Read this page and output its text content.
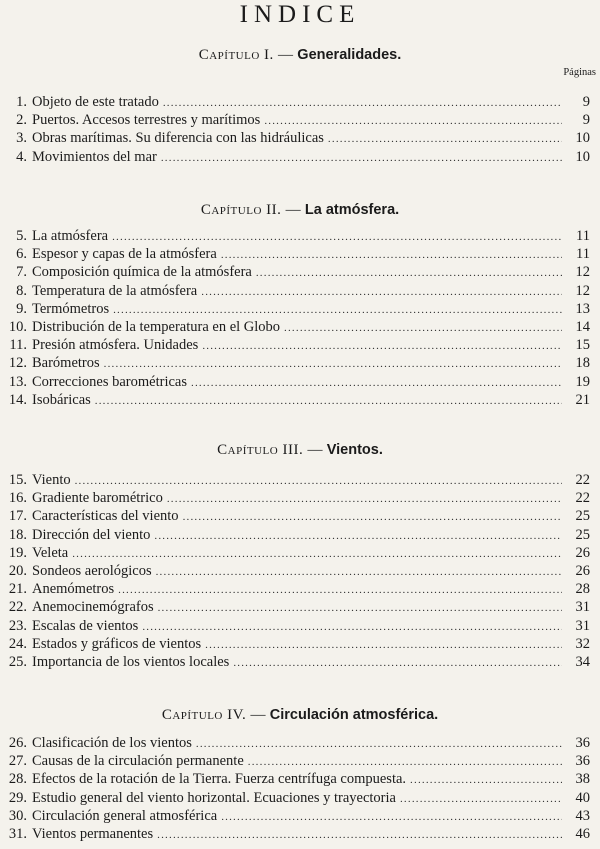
INDICE
Páginas
Capítulo I. — Generalidades.
1. Objeto de este tratado .....	9
2. Puertos. Accesos terrestres y marítimos .....	9
3. Obras marítimas. Su diferencia con las hidráulicas .....	10
4. Movimientos del mar .....	10
Capítulo II. — La atmósfera.
5. La atmósfera .....	11
6. Espesor y capas de la atmósfera .....	11
7. Composición química de la atmósfera .....	12
8. Temperatura de la atmósfera .....	12
9. Termómetros .....	13
10. Distribución de la temperatura en el Globo .....	14
11. Presión atmósfera. Unidades .....	15
12. Barómetros .....	18
13. Correcciones barométricas .....	19
14. Isobáricas .....	21
Capítulo III. — Vientos.
15. Viento .....	22
16. Gradiente barométrico .....	22
17. Características del viento .....	25
18. Dirección del viento .....	25
19. Veleta .....	26
20. Sondeos aerológicos .....	26
21. Anemómetros .....	28
22. Anemocinemógrafos .....	31
23. Escalas de vientos .....	31
24. Estados y gráficos de vientos .....	32
25. Importancia de los vientos locales .....	34
Capítulo IV. — Circulación atmosférica.
26. Clasificación de los vientos .....	36
27. Causas de la circulación permanente .....	36
28. Efectos de la rotación de la Tierra. Fuerza centrífuga compuesta. .....	38
29. Estudio general del viento horizontal. Ecuaciones y trayectoria .....	40
30. Circulación general atmosférica .....	43
31. Vientos permanentes .....	46
